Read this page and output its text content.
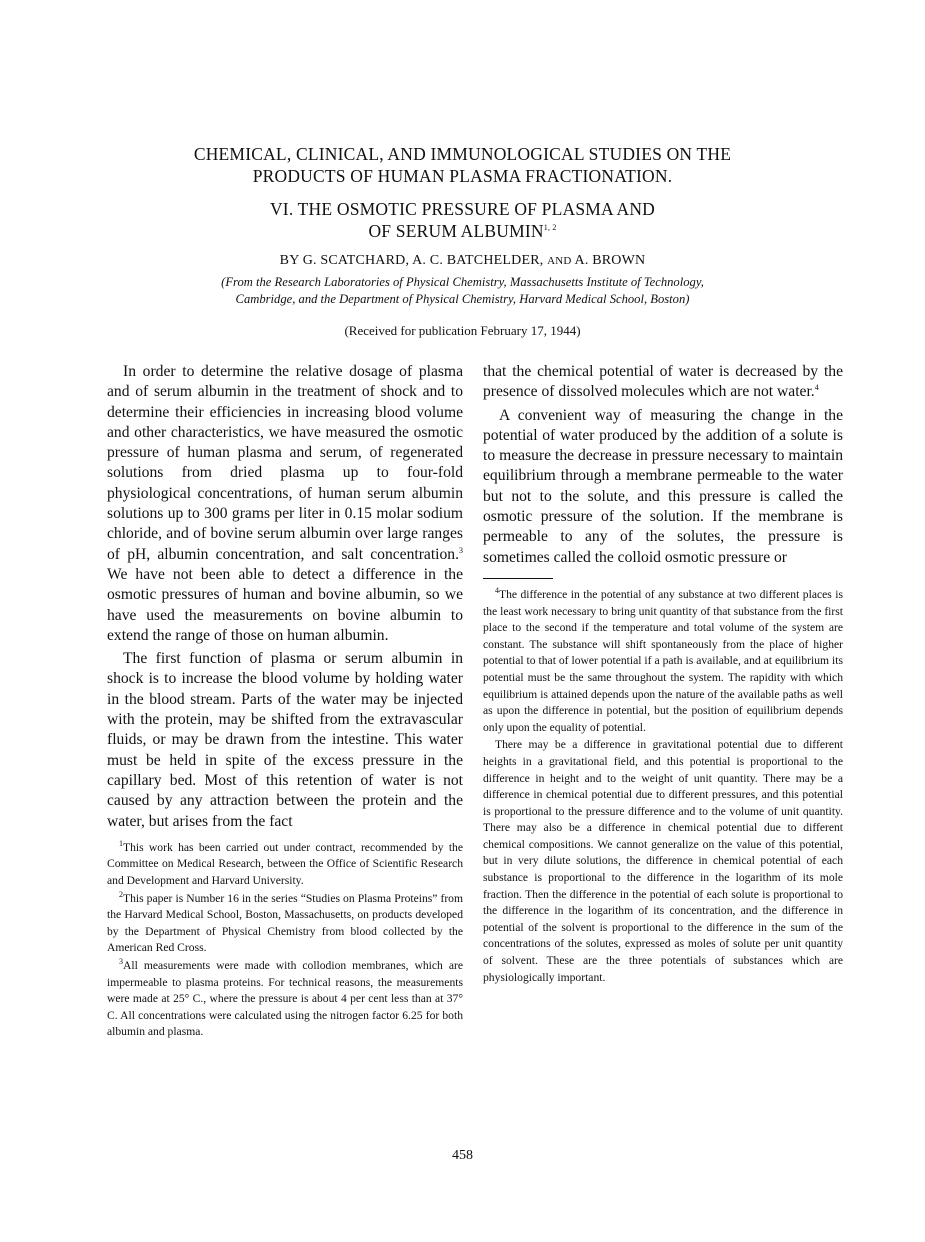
CHEMICAL, CLINICAL, AND IMMUNOLOGICAL STUDIES ON THE
PRODUCTS OF HUMAN PLASMA FRACTIONATION.
VI. THE OSMOTIC PRESSURE OF PLASMA AND
OF SERUM ALBUMIN$^{1, 2}$
BY G. SCATCHARD, A. C. BATCHELDER, AND A. BROWN
(From the Research Laboratories of Physical Chemistry, Massachusetts Institute of Technology,
Cambridge, and the Department of Physical Chemistry, Harvard Medical School, Boston)
(Received for publication February 17, 1944)

In order to determine the relative dosage of plasma and of serum albumin in the treatment of shock and to determine their efficiencies in increasing blood volume and other characteristics, we have measured the osmotic pressure of human plasma and serum, of regenerated solutions from dried plasma up to four-fold physiological concentrations, of human serum albumin solutions up to 300 grams per liter in 0.15 molar sodium chloride, and of bovine serum albumin over large ranges of pH, albumin concentration, and salt concentration.$^3$ We have not been able to detect a difference in the osmotic pressures of human and bovine albumin, so we have used the measurements on bovine albumin to extend the range of those on human albumin.

The first function of plasma or serum albumin in shock is to increase the blood volume by holding water in the blood stream. Parts of the water may be injected with the protein, may be shifted from the extravascular fluids, or may be drawn from the intestine. This water must be held in spite of the excess pressure in the capillary bed. Most of this retention of water is not caused by any attraction between the protein and the water, but arises from the fact

$^1$This work has been carried out under contract, recommended by the Committee on Medical Research, between the Office of Scientific Research and Development and Harvard University.

$^2$This paper is Number 16 in the series “Studies on Plasma Proteins” from the Harvard Medical School, Boston, Massachusetts, on products developed by the Department of Physical Chemistry from blood collected by the American Red Cross.

$^3$All measurements were made with collodion membranes, which are impermeable to plasma proteins. For technical reasons, the measurements were made at 25° C., where the pressure is about 4 per cent less than at 37° C. All concentrations were calculated using the nitrogen factor 6.25 for both albumin and plasma.

that the chemical potential of water is decreased by the presence of dissolved molecules which are not water.$^4$

A convenient way of measuring the change in the potential of water produced by the addition of a solute is to measure the decrease in pressure necessary to maintain equilibrium through a membrane permeable to the water but not to the solute, and this pressure is called the osmotic pressure of the solution. If the membrane is permeable to any of the solutes, the pressure is sometimes called the colloid osmotic pressure or

$^4$The difference in the potential of any substance at two different places is the least work necessary to bring unit quantity of that substance from the first place to the second if the temperature and total volume of the system are constant. The substance will shift spontaneously from the place of higher potential to that of lower potential if a path is available, and at equilibrium its potential must be the same throughout the system. The rapidity with which equilibrium is attained depends upon the nature of the available paths as well as upon the difference in potential, but the position of equilibrium depends only upon the equality of potential.

There may be a difference in gravitational potential due to different heights in a gravitational field, and this potential is proportional to the difference in height and to the weight of unit quantity. There may be a difference in chemical potential due to different pressures, and this potential is proportional to the pressure difference and to the volume of unit quantity. There may also be a difference in chemical potential due to different chemical compositions. We cannot generalize on the value of this potential, but in very dilute solutions, the difference in chemical potential of each substance is proportional to the difference in the logarithm of its mole fraction. Then the difference in the potential of each solute is proportional to the difference in the logarithm of its concentration, and the difference in potential of the solvent is proportional to the difference in the sum of the concentrations of the solutes, expressed as moles of solute per unit quantity of solvent. These are the three potentials of substances which are physiologically important.

458
